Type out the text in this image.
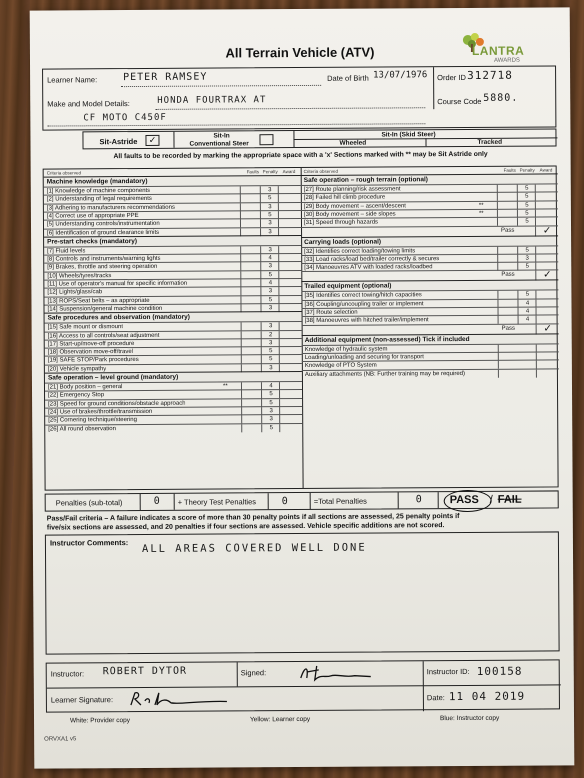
LANTRA
AWARDS
All Terrain Vehicle (ATV)
Learner Name:	PETER RAMSEY	Date of Birth 13/07/1976 Order ID 312718
Make and Model Details:	HONDA FOURTRAX AT
CF MOTO C450F
Course Code 5880.
Sit-Astride	✓	Sit-In
Conventional Steer
Sit-In (Skid Steer)
Wheeled	Tracked
All faults to be recorded by marking the appropriate space with a 'x' Sections marked with ** may be Sit Astride only
Criteria observed	Faults Penalty Award
Machine knowledge (mandatory)
[1] Knowledge of machine components	3
[2] Understanding of legal requirements	5
[3] Adhering to manufacturers recommendations	3
[4] Correct use of appropriate PPE	5
[5] Understanding controls/instrumentation	3
[6] Identification of ground clearance limits	3
Pre-start checks (mandatory)
[7] Fluid levels	3
[8] Controls and instruments/warning lights	4
[9] Brakes, throttle and steering operation	3
[10] Wheels/tyres/tracks	5
[11] Use of operator's manual for specific information	4
[12] Lights/glass/cab	3
[13] ROPS/Seat belts – as appropriate	5
[14] Suspension/general machine condition	3
Safe procedures and observation (mandatory)
[15] Safe mount or dismount	3
[16] Access to all controls/seat adjustment	2
[17] Start-up/move-off procedure	3
[18] Observation move-off/travel	5
[19] SAFE STOP/Park procedures	5
[20] Vehicle sympathy	3
Safe operation – level ground (mandatory)
[21] Body position – general	**	4
[22] Emergency Stop	5
[23] Speed for ground conditions/obstacle approach	5
[24] Use of brakes/throttle/transmission	3
[25] Cornering technique/steering	3
[26] All round observation	5
Criteria observed	Faults Penalty Award
Safe operation – rough terrain (optional)
[27] Route planning/risk assessment	5
[28] Failed hill climb procedure	5
[29] Body movement – ascent/descent	**	5
[30] Body movement – side slopes	**	5
[31] Speed through hazards	5
Pass	✓
Carrying loads (optional)
[32] Identifies correct loading/towing limits	5
[33] Load racks/load bed/trailer correctly & secures	3
[34] Manoeuvres ATV with loaded racks/loadbed	5
Pass	✓
Trailed equipment (optional)
[35] Identifies correct towing/hitch capacities	5
[36] Coupling/uncoupling trailer or implement	4
[37] Route selection	4
[38] Manoeuvres with hitched trailer/implement	4
Pass	✓
Additional equipment (non-assessed) Tick if included
Knowledge of hydraulic system
Loading/unloading and securing for transport
Knowledge of PTO System
Auxiliary attachments (NB: Further training may be required)
Penalties (sub-total)	0 + Theory Test Penalties	0	=Total Penalties	0 PASS / FAIL
Pass/Fail criteria – A failure indicates a score of more than 30 penalty points if all sections are assessed, 25 penalty points if
five/six sections are assessed, and 20 penalties if four sections are assessed. Vehicle specific additions are not scored.
Instructor Comments: ALL AREAS COVERED WELL DONE
Instructor: ROBERT DYTOR	Signed:	Instructor ID: 100158
Learner Signature:	Date: 11 04 2019
White: Provider copy	Yellow: Learner copy	Blue: Instructor copy
ORVXA1 v5
